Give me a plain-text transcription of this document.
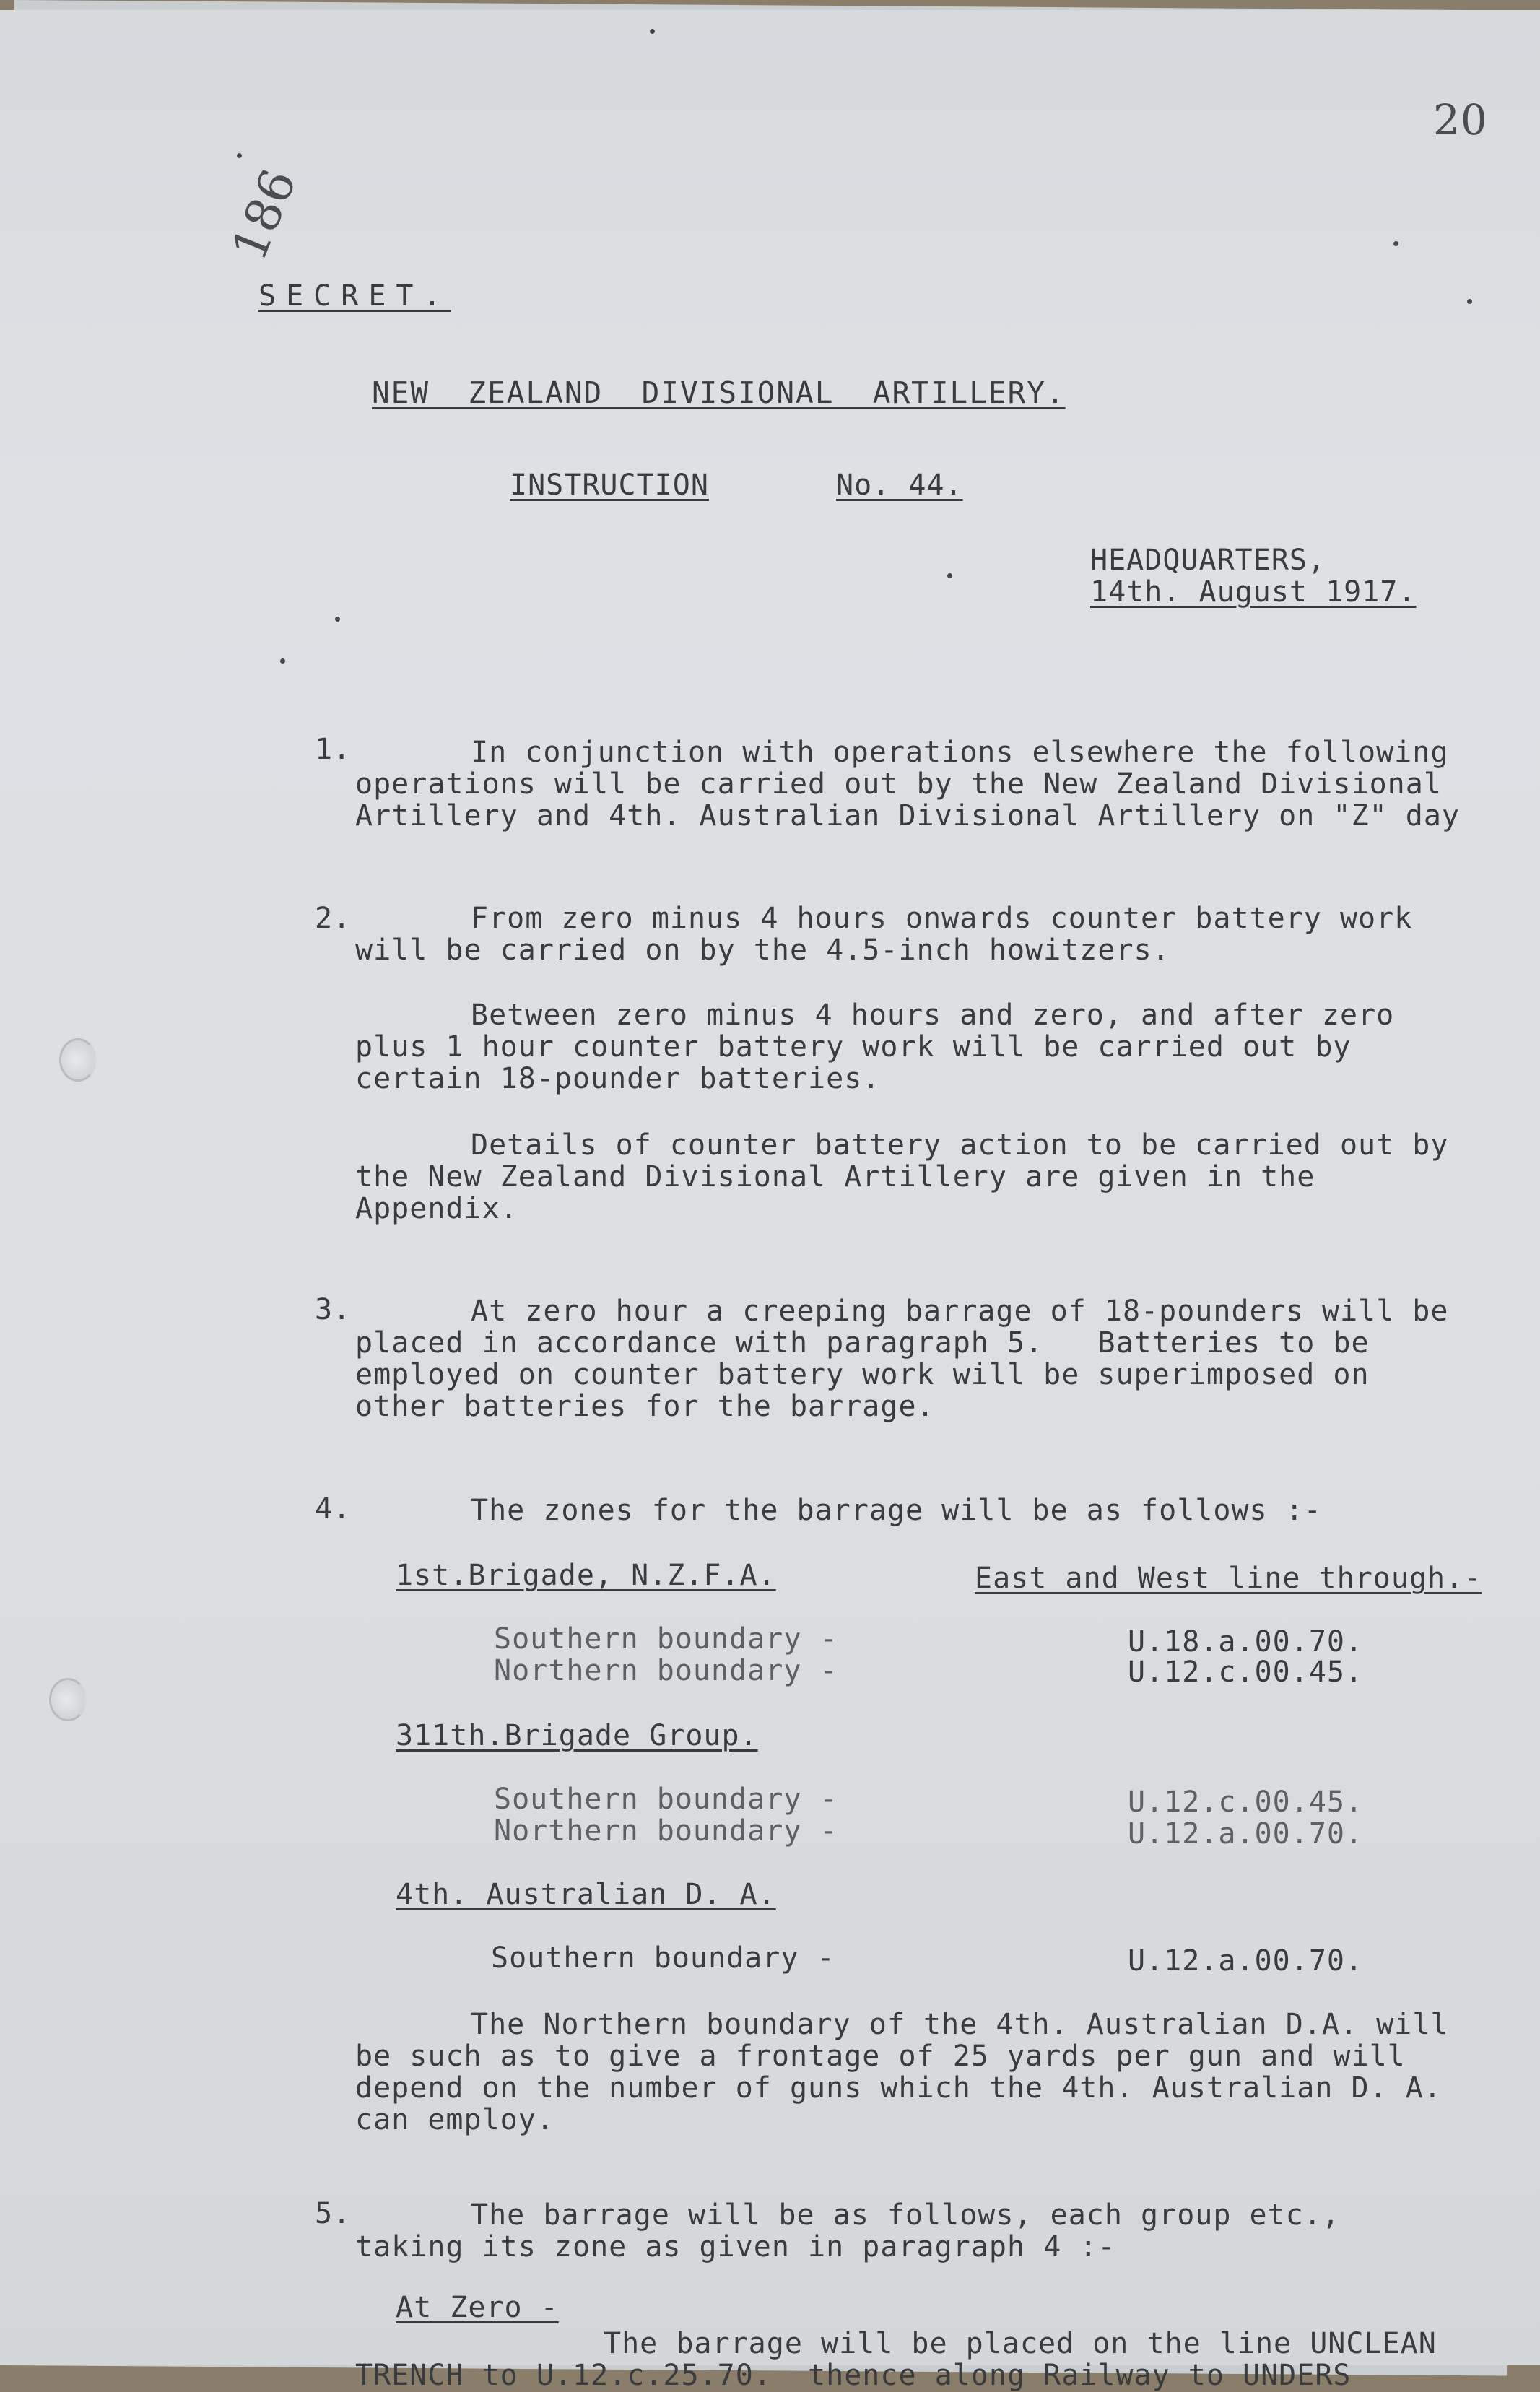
20
186
SECRET.
NEW  ZEALAND  DIVISIONAL  ARTILLERY.
INSTRUCTION	No. 44.
HEADQUARTERS,
14th. August 1917.
1.	In conjunction with operations elsewhere the following
operations will be carried out by the New Zealand Divisional
Artillery and 4th. Australian Divisional Artillery on "Z" day
2.	From zero minus 4 hours onwards counter battery work
will be carried on by the 4.5-inch howitzers.
Between zero minus 4 hours and zero, and after zero
plus 1 hour counter battery work will be carried out by
certain 18-pounder batteries.
Details of counter battery action to be carried out by
the New Zealand Divisional Artillery are given in the
Appendix.
3.	At zero hour a creeping barrage of 18-pounders will be
placed in accordance with paragraph 5.   Batteries to be
employed on counter battery work will be superimposed on
other batteries for the barrage.
4.	The zones for the barrage will be as follows :-
1st.Brigade, N.Z.F.A.	East and West line through.-
Southern boundary -	U.18.a.00.70.
Northern boundary -	U.12.c.00.45.
311th.Brigade Group.
Southern boundary -	U.12.c.00.45.
Northern boundary -	U.12.a.00.70.
4th. Australian D. A.
Southern boundary -	U.12.a.00.70.
The Northern boundary of the 4th. Australian D.A. will
be such as to give a frontage of 25 yards per gun and will
depend on the number of guns which the 4th. Australian D. A.
can employ.
5.	The barrage will be as follows, each group etc.,
taking its zone as given in paragraph 4 :-
At Zero -
The barrage will be placed on the line UNCLEAN
TRENCH to U.12.c.25.70.  thence along Railway to UNDERS
